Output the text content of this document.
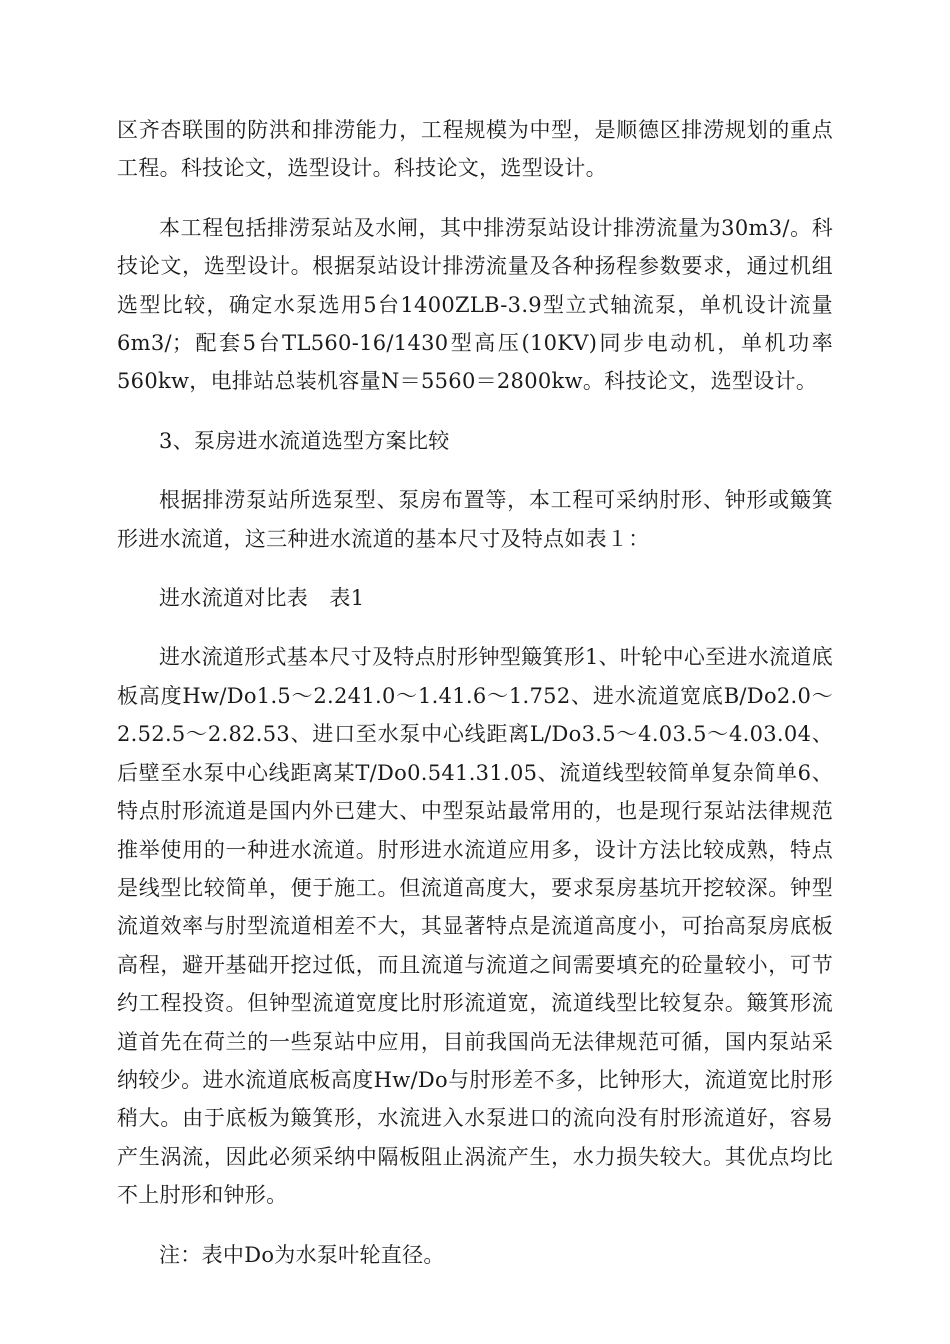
区齐杏联围的防洪和排涝能力，工程规模为中型，是顺德区排涝规划的重点工程。科技论文，选型设计。科技论文，选型设计。

本工程包括排涝泵站及水闸，其中排涝泵站设计排涝流量为30m3/。科技论文，选型设计。根据泵站设计排涝流量及各种扬程参数要求，通过机组选型比较，确定水泵选用5台1400ZLB-3.9型立式轴流泵，单机设计流量6m3/；配套5台TL560-16/1430型高压(10KV)同步电动机，单机功率560kw，电排站总装机容量N＝5560＝2800kw。科技论文，选型设计。

3、泵房进水流道选型方案比较

根据排涝泵站所选泵型、泵房布置等，本工程可采纳肘形、钟形或簸箕形进水流道，这三种进水流道的基本尺寸及特点如表１：

进水流道对比表　表1

进水流道形式基本尺寸及特点肘形钟型簸箕形1、叶轮中心至进水流道底板高度Hw/Do1.5～2.241.0～1.41.6～1.752、进水流道宽底B/Do2.0～2.52.5～2.82.53、进口至水泵中心线距离L/Do3.5～4.03.5～4.03.04、后壁至水泵中心线距离某T/Do0.541.31.05、流道线型较简单复杂简单6、特点肘形流道是国内外已建大、中型泵站最常用的，也是现行泵站法律规范推举使用的一种进水流道。肘形进水流道应用多，设计方法比较成熟，特点是线型比较简单，便于施工。但流道高度大，要求泵房基坑开挖较深。钟型流道效率与肘型流道相差不大，其显著特点是流道高度小，可抬高泵房底板高程，避开基础开挖过低，而且流道与流道之间需要填充的砼量较小，可节约工程投资。但钟型流道宽度比肘形流道宽，流道线型比较复杂。簸箕形流道首先在荷兰的一些泵站中应用，目前我国尚无法律规范可循，国内泵站采纳较少。进水流道底板高度Hw/Do与肘形差不多，比钟形大，流道宽比肘形稍大。由于底板为簸箕形，水流进入水泵进口的流向没有肘形流道好，容易产生涡流，因此必须采纳中隔板阻止涡流产生，水力损失较大。其优点均比不上肘形和钟形。

注：表中Do为水泵叶轮直径。
